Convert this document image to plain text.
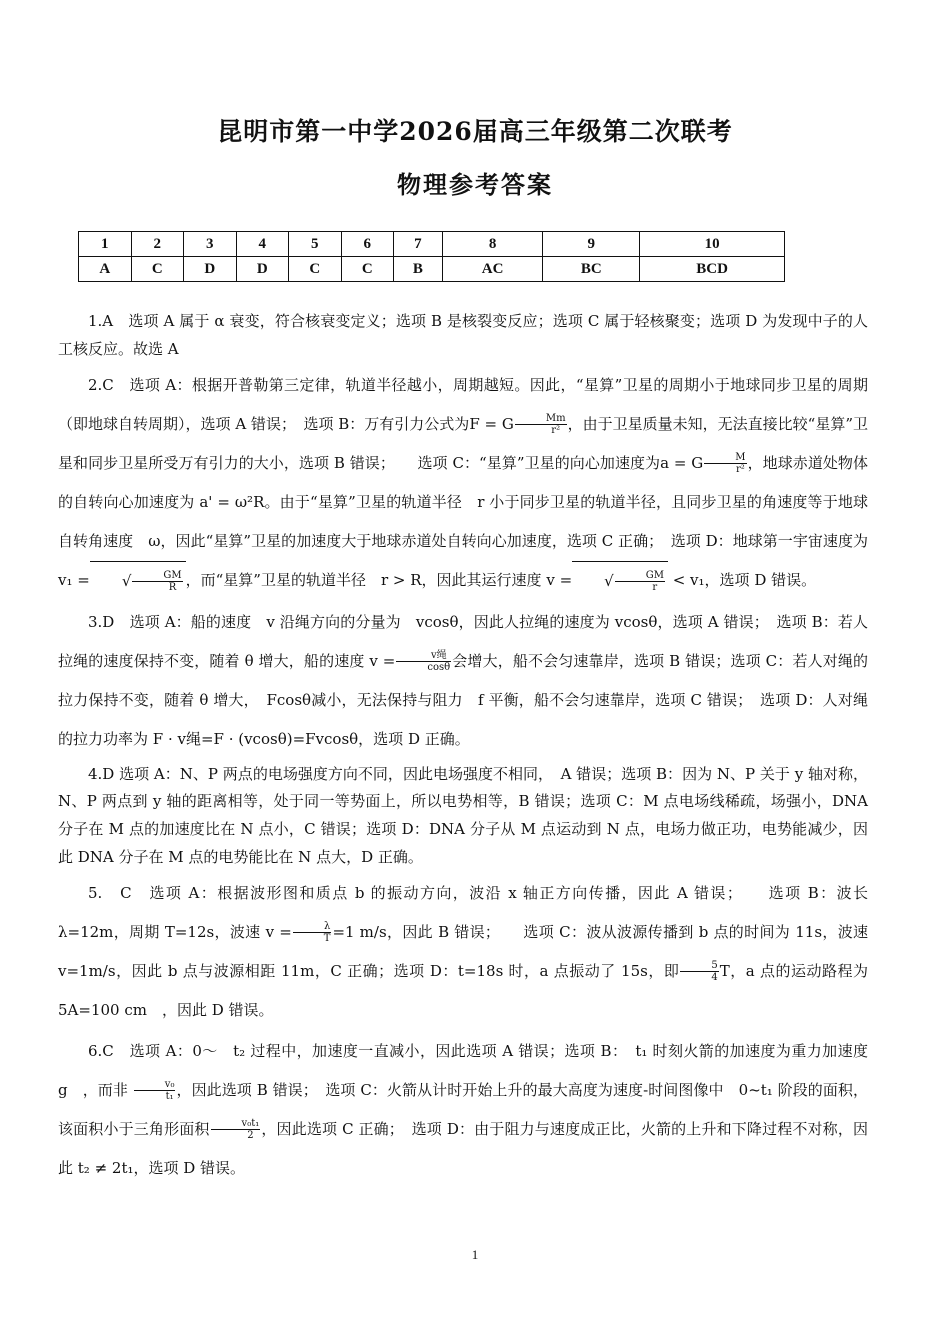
昆明市第一中学2026届高三年级第二次联考
物理参考答案
1	2	3	4	5	6	7	8	9	10
A	C	D	D	C	C	B	AC	BC	BCD

1.A　选项 A 属于 α 衰变，符合核衰变定义；选项 B 是核裂变反应；选项 C 属于轻核聚变；选项 D 为发现中子的人工核反应。故选 A

2.C　选项 A：根据开普勒第三定律，轨道半径越小，周期越短。因此，“星算”卫星的周期小于地球同步卫星的周期（即地球自转周期），选项 A 错误；　选项 B：万有引力公式为F = G $\frac{Mm}{\text{r²}}$ ，由于卫星质量未知，无法直接比较“星算”卫星和同步卫星所受万有引力的大小，选项 B 错误；　　选项 C：“星算”卫星的向心加速度为a = G $\frac{M}{\text{r²}}$ ，地球赤道处物体的自转向心加速度为 a' = ω²R。由于“星算”卫星的轨道半径　r 小于同步卫星的轨道半径，且同步卫星的角速度等于地球自转角速度　ω，因此“星算”卫星的加速度大于地球赤道处自转向心加速度，选项 C 正确；　选项 D：地球第一宇宙速度为 v₁ =	√ $\frac{GM}{R}$ ，而“星算”卫星的轨道半径　r > R，因此其运行速度 v =	√ $\frac{GM}{r} < v_1$，选项 D 错误。

3.D　选项 A：船的速度　v 沿绳方向的分量为　vcosθ，因此人拉绳的速度为 vcosθ，选项 A 错误；　选项 B：若人拉绳的速度保持不变，随着 θ 增大，船的速度 $v = \frac{\text{v绳}}{\cos\theta}$ 会增大，船不会匀速靠岸，选项 B 错误；选项 C：若人对绳的拉力保持不变，随着 θ 增大，　Fcosθ减小，无法保持与阻力　f 平衡，船不会匀速靠岸，选项 C 错误；　选项 D：人对绳的拉力功率为 F · v绳=F · (vcosθ)=Fvcosθ，选项 D 正确。

4.D 选项 A：N、P 两点的电场强度方向不同，因此电场强度不相同，　A 错误；选项 B：因为 N、P 关于 y 轴对称，N、P 两点到 y 轴的距离相等，处于同一等势面上，所以电势相等，B 错误；选项 C：M 点电场线稀疏，场强小，DNA 分子在 M 点的加速度比在 N 点小，C 错误；选项 D：DNA 分子从 M 点运动到 N 点，电场力做正功，电势能减少，因此 DNA 分子在 M 点的电势能比在 N 点大，D 正确。

5.　C　选项 A：根据波形图和质点 b 的振动方向，波沿 x 轴正方向传播，因此 A 错误；　　选项 B：波长 λ=12m，周期 T=12s，波速 $v = \frac{\lambda}{T} =1$ m/s，因此 B 错误；　　选项 C：波从波源传播到 b 点的时间为 11s，波速 v=1m/s，因此 b 点与波源相距 11m，C 正确；选项 D：t=18s 时，a 点振动了 15s，即 $\frac{5}{4}$ T，a 点的运动路程为 5A=100 cm　，因此 D 错误。

6.C　选项 A：0～　t₂ 过程中，加速度一直减小，因此选项 A 错误；选项 B：　t₁ 时刻火箭的加速度为重力加速度　g　，而非 $\frac{\text{v₀}}{\text{t₁}}$ ，因此选项 B 错误；　选项 C：火箭从计时开始上升的最大高度为速度-时间图像中　0~t₁ 阶段的面积，该面积小于三角形面积 $\frac{\text{v₀t₁}}{2}$ ，因此选项 C 正确；　选项 D：由于阻力与速度成正比，火箭的上升和下降过程不对称，因此 t₂ ≠ 2t₁，选项 D 错误。

1
